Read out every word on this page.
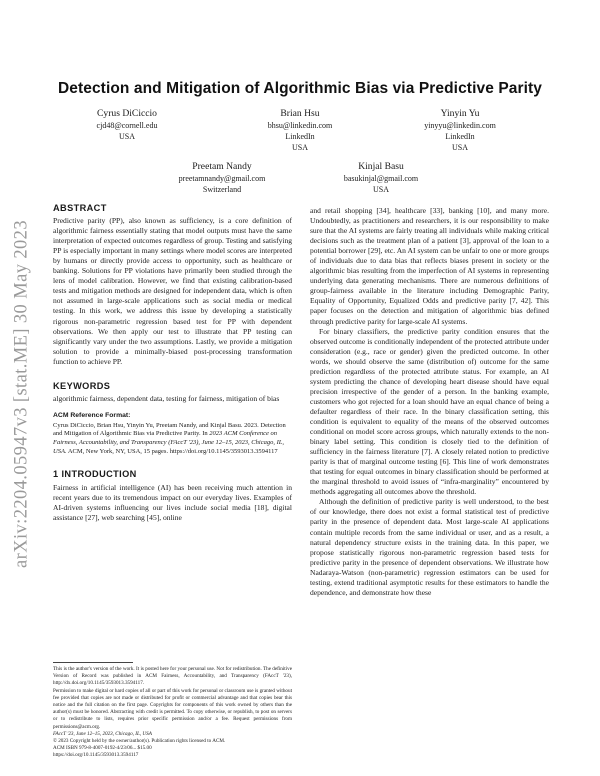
arXiv:2204.05947v3 [stat.ME] 30 May 2023
Detection and Mitigation of Algorithmic Bias via Predictive Parity
Cyrus DiCiccio
cjd48@cornell.edu
USA
Brian Hsu
bhsu@linkedin.com
LinkedIn
USA
Yinyin Yu
yinyyu@linkedin.com
LinkedIn
USA
Preetam Nandy
preetamnandy@gmail.com
Switzerland
Kinjal Basu
basukinjal@gmail.com
USA
ABSTRACT

Predictive parity (PP), also known as sufficiency, is a core definition of algorithmic fairness essentially stating that model outputs must have the same interpretation of expected outcomes regardless of group. Testing and satisfying PP is especially important in many settings where model scores are interpreted by humans or directly provide access to opportunity, such as healthcare or banking. Solutions for PP violations have primarily been studied through the lens of model calibration. However, we find that existing calibration-based tests and mitigation methods are designed for independent data, which is often not assumed in large-scale applications such as social media or medical testing. In this work, we address this issue by developing a statistically rigorous non-parametric regression based test for PP with dependent observations. We then apply our test to illustrate that PP testing can significantly vary under the two assumptions. Lastly, we provide a mitigation solution to provide a minimally-biased post-processing transformation function to achieve PP.

KEYWORDS

algorithmic fairness, dependent data, testing for fairness, mitigation of bias

ACM Reference Format:

Cyrus DiCiccio, Brian Hsu, Yinyin Yu, Preetam Nandy, and Kinjal Basu. 2023. Detection and Mitigation of Algorithmic Bias via Predictive Parity. In 2023 ACM Conference on Fairness, Accountability, and Transparency (FAccT '23), June 12–15, 2023, Chicago, IL, USA. ACM, New York, NY, USA, 15 pages. https://doi.org/10.1145/3593013.3594117

1 INTRODUCTION

Fairness in artificial intelligence (AI) has been receiving much attention in recent years due to its tremendous impact on our everyday lives. Examples of AI-driven systems influencing our lives include social media [18], digital assistance [27], web searching [45], online

This is the author's version of the work. It is posted here for your personal use. Not for redistribution. The definitive Version of Record was published in ACM Fairness, Accountability, and Transparency (FAccT '23), http://dx.doi.org/10.1145/3593013.3594117.

Permission to make digital or hard copies of all or part of this work for personal or classroom use is granted without fee provided that copies are not made or distributed for profit or commercial advantage and that copies bear this notice and the full citation on the first page. Copyrights for components of this work owned by others than the author(s) must be honored. Abstracting with credit is permitted. To copy otherwise, or republish, to post on servers or to redistribute to lists, requires prior specific permission and/or a fee. Request permissions from permissions@acm.org.

FAccT '23, June 12–15, 2023, Chicago, IL, USA

© 2023 Copyright held by the owner/author(s). Publication rights licensed to ACM.

ACM ISBN 979-8-4007-0192-4/23/06... $15.00

https://doi.org/10.1145/3593013.3594117

and retail shopping [34], healthcare [33], banking [10], and many more. Undoubtedly, as practitioners and researchers, it is our responsibility to make sure that the AI systems are fairly treating all individuals while making critical decisions such as the treatment plan of a patient [3], approval of the loan to a potential borrower [29], etc. An AI system can be unfair to one or more groups of individuals due to data bias that reflects biases present in society or the algorithmic bias resulting from the imperfection of AI systems in representing underlying data generating mechanisms. There are numerous definitions of group-fairness available in the literature including Demographic Parity, Equality of Opportunity, Equalized Odds and predictive parity [7, 42]. This paper focuses on the detection and mitigation of algorithmic bias defined through predictive parity for large-scale AI systems.

For binary classifiers, the predictive parity condition ensures that the observed outcome is conditionally independent of the protected attribute under consideration (e.g., race or gender) given the predicted outcome. In other words, we should observe the same (distribution of) outcome for the same prediction regardless of the protected attribute status. For example, an AI system predicting the chance of developing heart disease should have equal precision irrespective of the gender of a person. In the banking example, customers who got rejected for a loan should have an equal chance of being a defaulter regardless of their race. In the binary classification setting, this condition is equivalent to equality of the means of the observed outcomes conditional on model score across groups, which naturally extends to the non-binary label setting. This condition is closely tied to the definition of sufficiency in the fairness literature [7]. A closely related notion to predictive parity is that of marginal outcome testing [6]. This line of work demonstrates that testing for equal outcomes in binary classification should be performed at the marginal threshold to avoid issues of “infra-marginality” encountered by methods aggregating all outcomes above the threshold.

Although the definition of predictive parity is well understood, to the best of our knowledge, there does not exist a formal statistical test of predictive parity in the presence of dependent data. Most large-scale AI applications contain multiple records from the same individual or user, and as a result, a natural dependency structure exists in the training data. In this paper, we propose statistically rigorous non-parametric regression based tests for predictive parity in the presence of dependent observations. We illustrate how Nadaraya-Watson (non-parametric) regression estimators can be used for testing, extend traditional asymptotic results for these estimators to handle the dependence, and demonstrate how these
